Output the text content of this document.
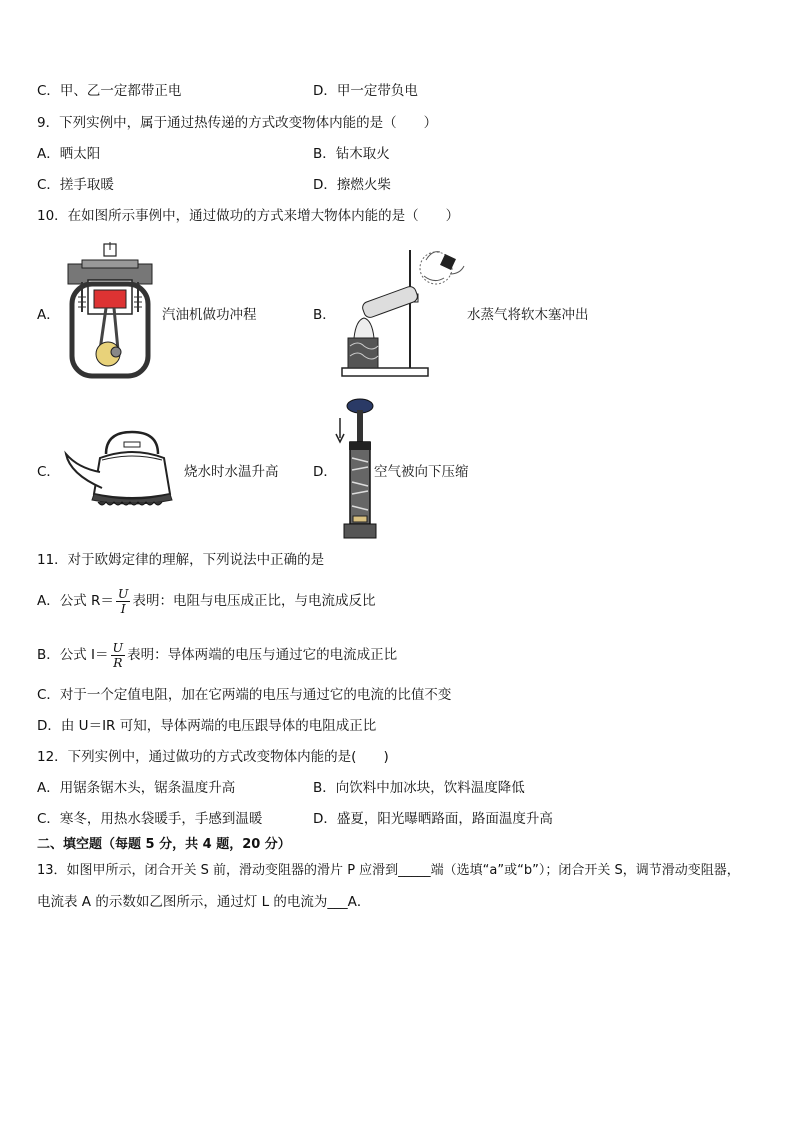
C．甲、乙一定都带正电	D．甲一定带负电
9．下列实例中，属于通过热传递的方式改变物体内能的是（　　）
A．晒太阳	B．钻木取火
C．搓手取暖	D．擦燃火柴
10．在如图所示事例中，通过做功的方式来增大物体内能的是（　　）
A．	汽油机做功冲程	B．	水蒸气将软木塞冲出
C．	烧水时水温升高	D．	空气被向下压缩
11．对于欧姆定律的理解，下列说法中正确的是
A．公式 $R= \frac{U}{I}$ 表明：电阻与电压成正比，与电流成反比
B．公式 $I= \frac{U}{R}$ 表明：导体两端的电压与通过它的电流成正比
C．对于一个定值电阻，加在它两端的电压与通过它的电流的比值不变
D．由 U＝IR 可知，导体两端的电压跟导体的电阻成正比
12．下列实例中，通过做功的方式改变物体内能的是(　　)
A．用锯条锯木头，锯条温度升高	B．向饮料中加冰块，饮料温度降低
C．寒冬，用热水袋暖手，手感到温暖	D．盛夏，阳光曝晒路面，路面温度升高
二、填空题（每题 5 分，共 4 题，20 分）
13．如图甲所示，闭合开关 S 前，滑动变阻器的滑片 P 应滑到_____端（选填“a”或“b”）；闭合开关 S，调节滑动变阻器，
电流表 A 的示数如乙图所示，通过灯 L 的电流为___A．
